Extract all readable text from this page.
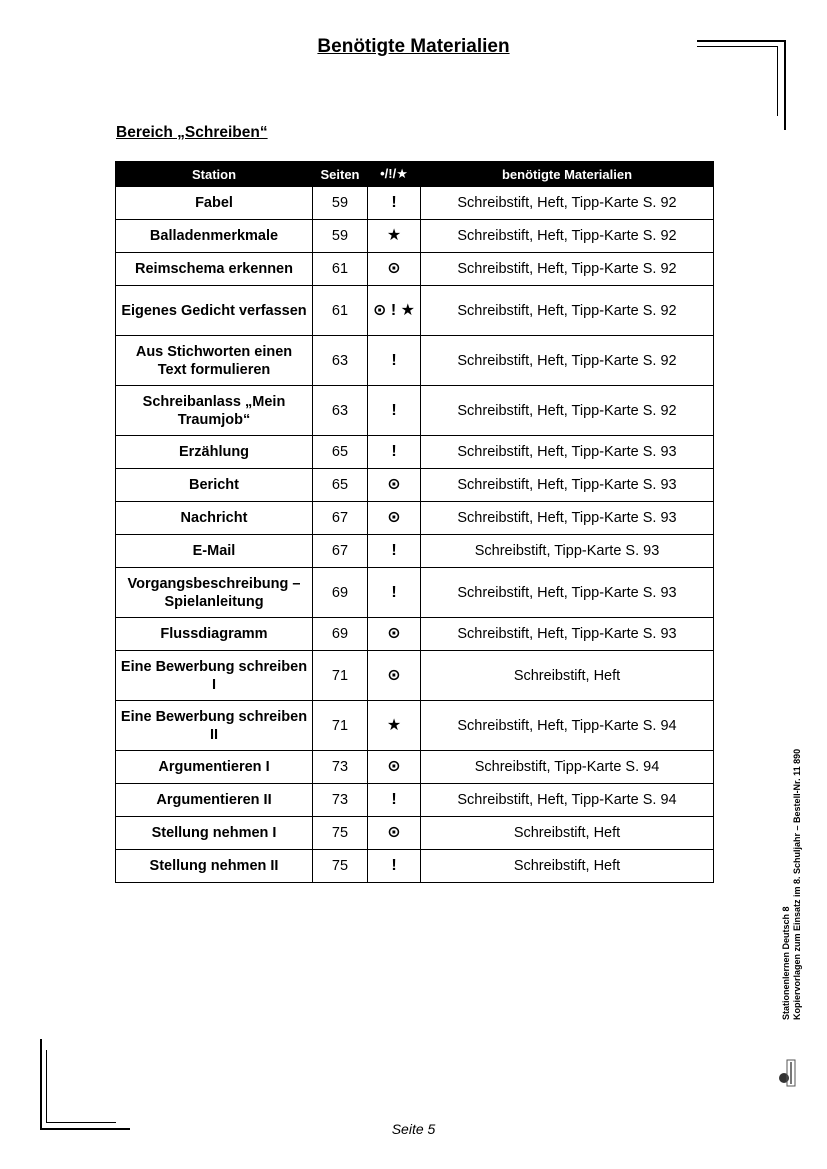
Benötigte Materialien
Bereich „Schreiben“
Station	Seiten	•/!/★	benötigte Materialien
Fabel	59	!	Schreibstift, Heft, Tipp-Karte S. 92
Balladenmerkmale	59	★	Schreibstift, Heft, Tipp-Karte S. 92
Reimschema erkennen	61	⊙	Schreibstift, Heft, Tipp-Karte S. 92
Eigenes Gedicht verfassen	61	⊙ ! ★	Schreibstift, Heft, Tipp-Karte S. 92
Aus Stichworten einen Text formulieren	63	!	Schreibstift, Heft, Tipp-Karte S. 92
Schreibanlass „Mein Traumjob“	63	!	Schreibstift, Heft, Tipp-Karte S. 92
Erzählung	65	!	Schreibstift, Heft, Tipp-Karte S. 93
Bericht	65	⊙	Schreibstift, Heft, Tipp-Karte S. 93
Nachricht	67	⊙	Schreibstift, Heft, Tipp-Karte S. 93
E-Mail	67	!	Schreibstift, Tipp-Karte S. 93
Vorgangsbeschreibung – Spielanleitung	69	!	Schreibstift, Heft, Tipp-Karte S. 93
Flussdiagramm	69	⊙	Schreibstift, Heft, Tipp-Karte S. 93
Eine Bewerbung schreiben I	71	⊙	Schreibstift, Heft
Eine Bewerbung schreiben II	71	★	Schreibstift, Heft, Tipp-Karte S. 94
Argumentieren I	73	⊙	Schreibstift, Tipp-Karte S. 94
Argumentieren II	73	!	Schreibstift, Heft, Tipp-Karte S. 94
Stellung nehmen I	75	⊙	Schreibstift, Heft
Stellung nehmen II	75	!	Schreibstift, Heft
Stationenlernen Deutsch 8 Kopiervorlagen zum Einsatz im 8. Schuljahr – Bestell-Nr. 11 890
Seite 5
